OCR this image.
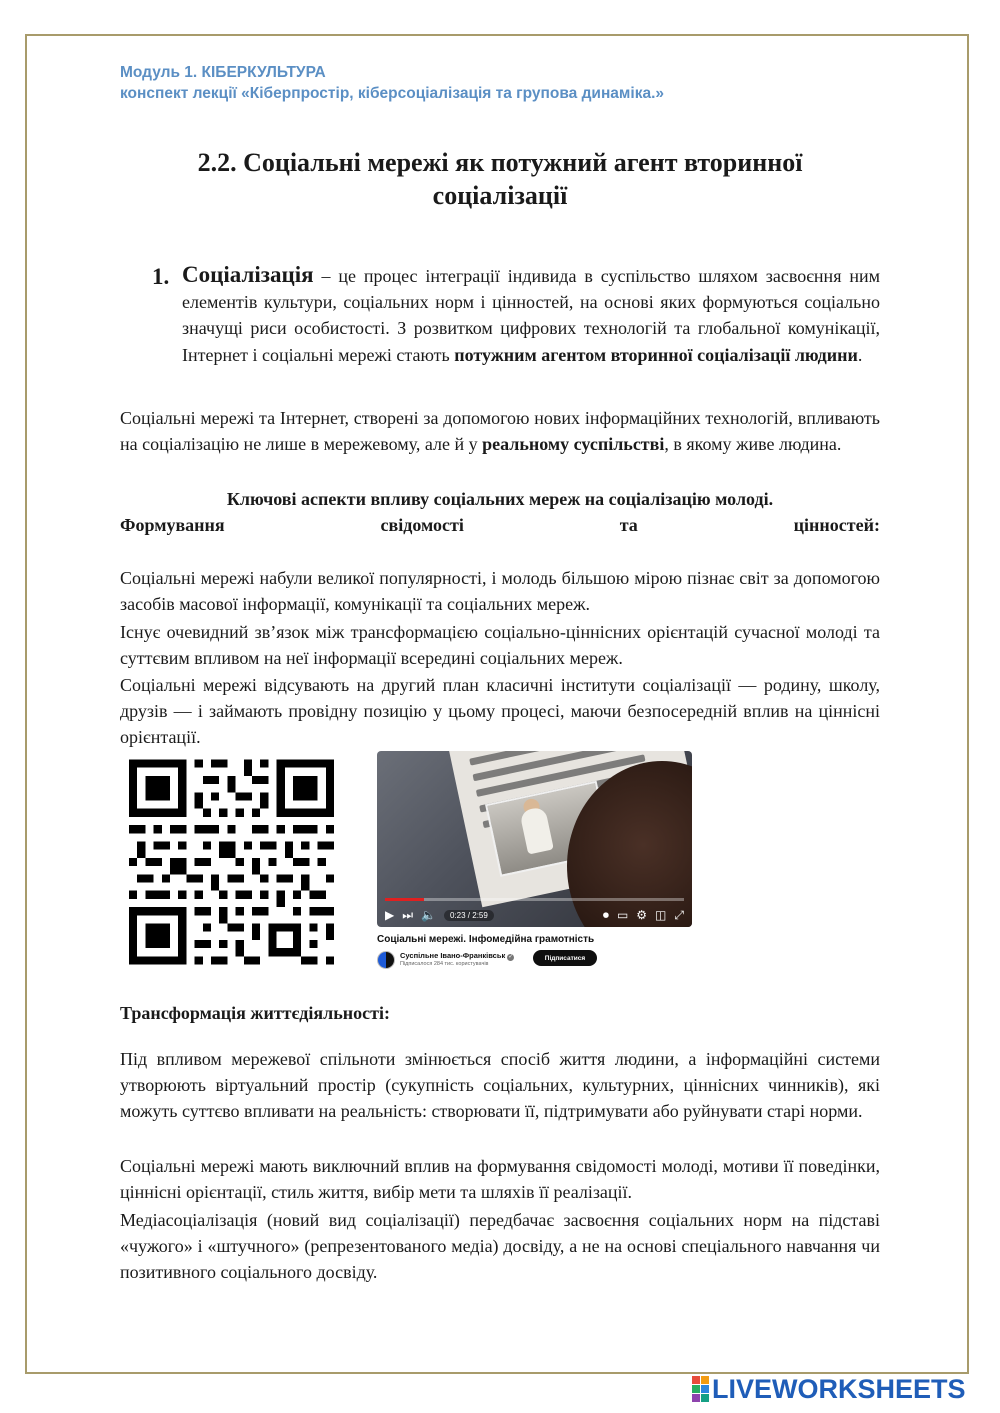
Модуль 1. КІБЕРКУЛЬТУРА
конспект лекції «Кіберпростір, кіберсоціалізація та групова динаміка.»
2.2. Соціальні мережі як потужний агент вторинної
соціалізації
1. Соціалізація – це процес інтеграції індивида в суспільство шляхом засвоєння ним елементів культури, соціальних норм і цінностей, на основі яких формуються соціально значущі риси особистості. З розвитком цифрових технологій та глобальної комунікації, Інтернет і соціальні мережі стають потужним агентом вторинної соціалізації людини.
Соціальні мережі та Інтернет, створені за допомогою нових інформаційних технологій, впливають на соціалізацію не лише в мережевому, але й у реальному суспільстві, в якому живе людина.
Ключові аспекти впливу соціальних мереж на соціалізацію молоді.
Формування	свідомості	та	цінностей:
Соціальні мережі набули великої популярності, і молодь більшою мірою пізнає світ за допомогою засобів масової інформації, комунікації та соціальних мереж.
Існує очевидний зв’язок між трансформацією соціально-ціннісних орієнтацій сучасної молоді та суттєвим впливом на неї інформації всередині соціальних мереж.
Соціальні мережі відсувають на другий план класичні інститути соціалізації — родину, школу, друзів — і займають провідну позицію у цьому процесі, маючи безпосередній вплив на ціннісні орієнтації.
▶ ⏭ 🔈	0:23 / 2:59	⏺ ▭ ⚙ ◫ ⤢
Соціальні мережі. Інфомедійна грамотність
Суспільне Івано-Франківськ ✓
Підписалося 284 тис. користувачів
Підписатися
Трансформація життєдіяльності:
Під впливом мережевої спільноти змінюється спосіб життя людини, а інформаційні системи утворюють віртуальний простір (сукупність соціальних, культурних, ціннісних чинників), які можуть суттєво впливати на реальність: створювати її, підтримувати або руйнувати старі норми.
Соціальні мережі мають виключний вплив на формування свідомості молоді, мотиви її поведінки, ціннісні орієнтації, стиль життя, вибір мети та шляхів її реалізації.
Медіасоціалізація (новий вид соціалізації) передбачає засвоєння соціальних норм на підставі «чужого» і «штучного» (репрезентованого медіа) досвіду, а не на основі спеціального навчання чи позитивного соціального досвіду.
LIVEWORKSHEETS
